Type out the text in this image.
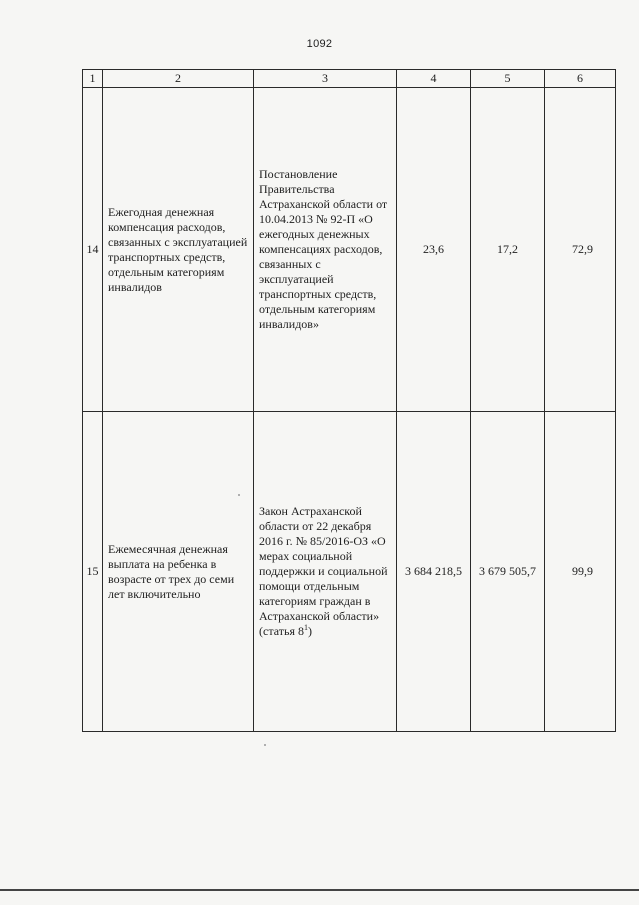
1092
1	2	3	4	5	6
14	Ежегодная денежная компенсация расходов, связанных с эксплуатацией транспортных средств, отдельным категориям инвалидов	Постановление Правительства Астраханской области от 10.04.2013 № 92-П «О ежегодных денежных компенсациях расходов, связанных с эксплуатацией транспортных средств, отдельным категориям инвалидов»	23,6	17,2	72,9
15	Ежемесячная денежная выплата на ребенка в возрасте от трех до семи лет включительно	Закон Астраханской области от 22 декабря 2016 г. № 85/2016-ОЗ «О мерах социальной поддержки и социальной помощи отдельным категориям граждан в Астраханской области» (статья $8^1$)	3 684 218,5	3 679 505,7	99,9
